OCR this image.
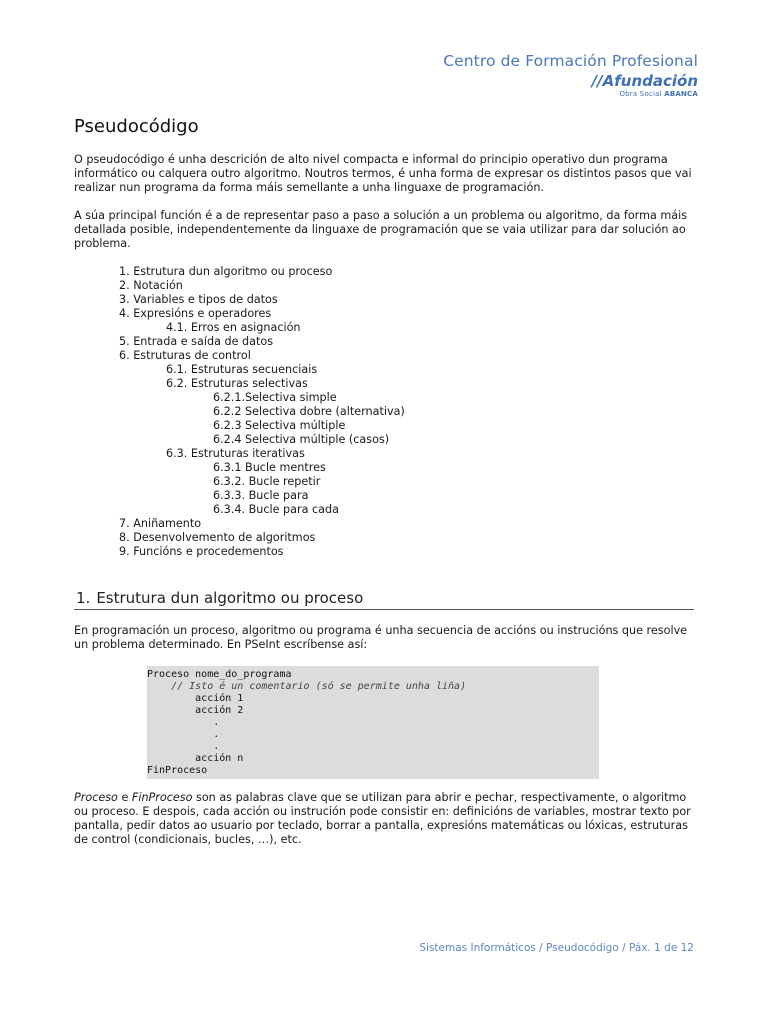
Centro de Formación Profesional
//Afundación
Obra Social ABANCA
Pseudocódigo

O pseudocódigo é unha descrición de alto nivel compacta e informal do principio operativo dun programa informático ou calquera outro algoritmo. Noutros termos, é unha forma de expresar os distintos pasos que vai realizar nun programa da forma máis semellante a unha linguaxe de programación.

A súa principal función é a de representar paso a paso a solución a un problema ou algoritmo, da forma máis detallada posible, independentemente da linguaxe de programación que se vaia utilizar para dar solución ao problema.

1. Estrutura dun algoritmo ou proceso
2. Notación
3. Variables e tipos de datos
4. Expresións e operadores
4.1. Erros en asignación
5. Entrada e saída de datos
6. Estruturas de control
6.1. Estruturas secuenciais
6.2. Estruturas selectivas
6.2.1.Selectiva simple
6.2.2 Selectiva dobre (alternativa)
6.2.3 Selectiva múltiple
6.2.4 Selectiva múltiple (casos)
6.3. Estruturas iterativas
6.3.1 Bucle mentres
6.3.2. Bucle repetir
6.3.3. Bucle para
6.3.4. Bucle para cada
7. Aniñamento
8. Desenvolvemento de algoritmos
9. Funcións e procedementos
1. Estrutura dun algoritmo ou proceso

En programación un proceso, algoritmo ou programa é unha secuencia de accións ou instrucións que resolve un problema determinado. En PSeInt escríbense así:

Proceso nome_do_programa
// Isto é un comentario (só se permite unha liña)
acción 1
acción 2
.
.
.
acción n
FinProceso

Proceso e FinProceso son as palabras clave que se utilizan para abrir e pechar, respectivamente, o algoritmo ou proceso. E despois, cada acción ou instrución pode consistir en: definicións de variables, mostrar texto por pantalla, pedir datos ao usuario por teclado, borrar a pantalla, expresións matemáticas ou lóxicas, estruturas de control (condicionais, bucles, …), etc.

Sistemas Informáticos / Pseudocódigo / Páx. 1 de 12
